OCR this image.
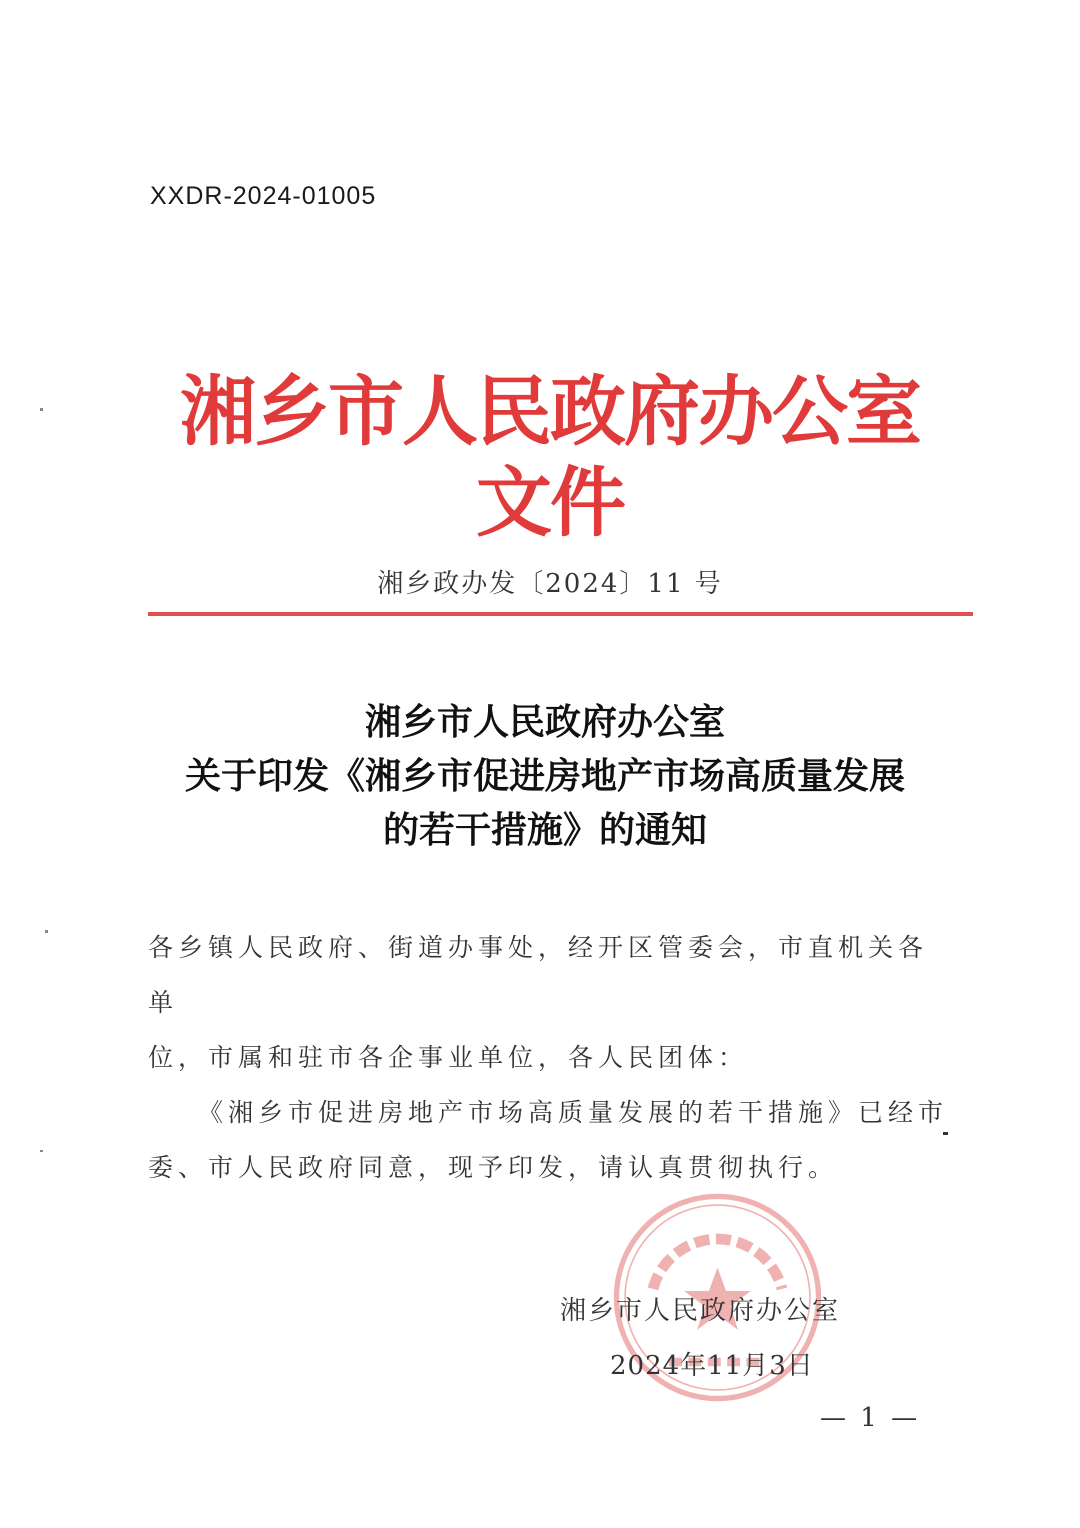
XXDR-2024-01005
湘乡市人民政府办公室文件
湘乡政办发〔2024〕11 号
湘乡市人民政府办公室
关于印发《湘乡市促进房地产市场高质量发展
的若干措施》的通知

各乡镇人民政府、街道办事处，经开区管委会，市直机关各单

位，市属和驻市各企事业单位，各人民团体：

《湘乡市促进房地产市场高质量发展的若干措施》已经市

委、市人民政府同意，现予印发，请认真贯彻执行。

湘乡市人民政府办公室
2024年11月3日
— 1 —
